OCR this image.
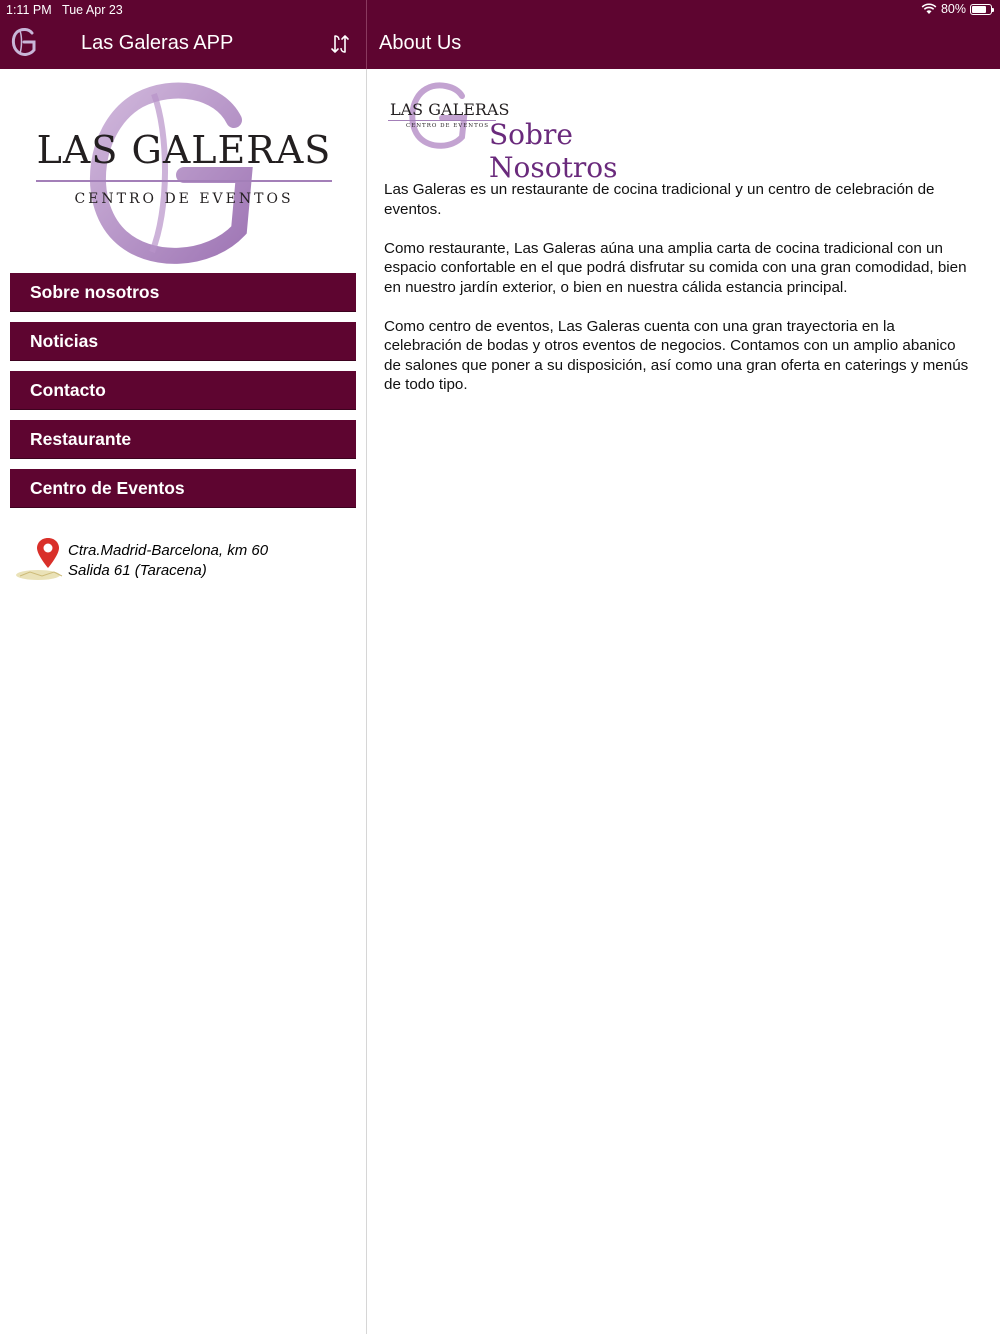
1:11 PM Tue Apr 23	80%
Las Galeras APP	About Us
LAS GALERAS
CENTRO DE EVENTOS
Sobre nosotros
Noticias
Contacto
Restaurante
Centro de Eventos
Ctra.Madrid-Barcelona, km 60
Salida 61 (Taracena)
LAS GALERAS
CENTRO DE EVENTOS Sobre Nosotros

Las Galeras es un restaurante de cocina tradicional y un centro de celebración de eventos.

Como restaurante, Las Galeras aúna una amplia carta de cocina tradicional con un espacio confortable en el que podrá disfrutar su comida con una gran comodidad, bien en nuestro jardín exterior, o bien en nuestra cálida estancia principal.

Como centro de eventos, Las Galeras cuenta con una gran trayectoria en la celebración de bodas y otros eventos de negocios. Contamos con un amplio abanico de salones que poner a su disposición, así como una gran oferta en caterings y menús de todo tipo.
